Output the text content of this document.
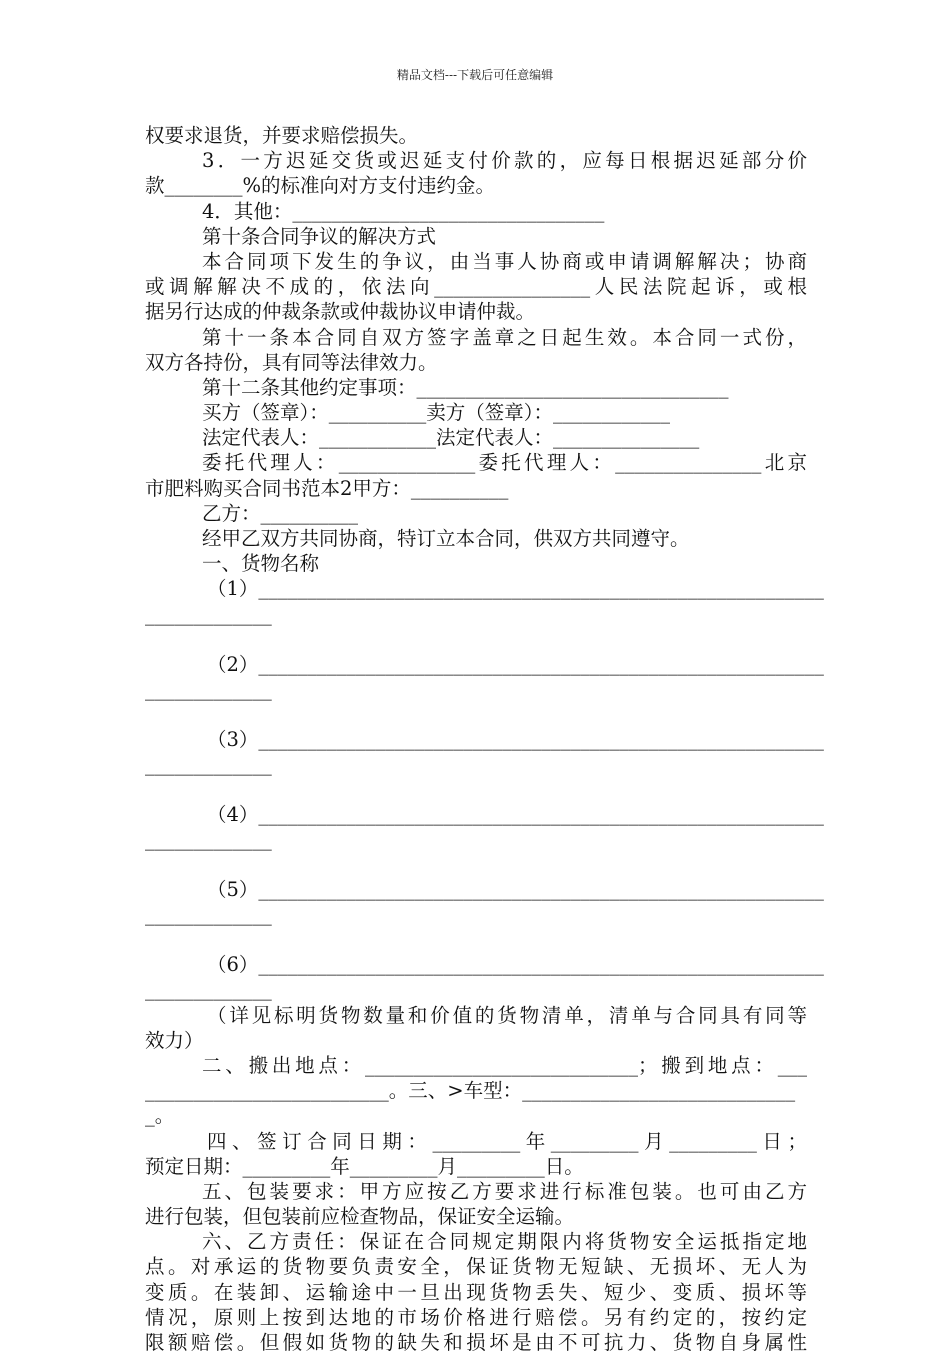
精品文档---下载后可任意编辑
权要求退货，并要求赔偿损失。
3．一方迟延交货或迟延支付价款的，应每日根据迟延部分价
款________%的标准向对方支付违约金。
4．其他：________________________________
第十条合同争议的解决方式
本合同项下发生的争议，由当事人协商或申请调解解决；协商
或调解解决不成的，依法向________________人民法院起诉，或根
据另行达成的仲裁条款或仲裁协议申请仲裁。
第十一条本合同自双方签字盖章之日起生效。本合同一式份，
双方各持份，具有同等法律效力。
第十二条其他约定事项：________________________________
买方（签章）：__________卖方（签章）：____________
法定代表人：____________法定代表人：_______________
委托代理人：______________委托代理人：_______________北京
市肥料购买合同书范本2甲方：__________
乙方：__________
经甲乙双方共同协商，特订立本合同，供双方共同遵守。
一、货物名称
（1）__________________________________________________________
_____________
（2）__________________________________________________________
_____________
（3）__________________________________________________________
_____________
（4）__________________________________________________________
_____________
（5）__________________________________________________________
_____________
（6）__________________________________________________________
_____________
（详见标明货物数量和价值的货物清单，清单与合同具有同等
效力）
二、搬出地点：____________________________；搬到地点：___
_________________________。三、>车型：____________________________
_。
四、签订合同日期：_________年_________月_________日；
预定日期：_________年_________月_________日。
五、包装要求：甲方应按乙方要求进行标准包装。也可由乙方
进行包装，但包装前应检查物品，保证安全运输。
六、乙方责任：保证在合同规定期限内将货物安全运抵指定地
点。对承运的货物要负责安全，保证货物无短缺、无损坏、无人为
变质。在装卸、运输途中一旦出现货物丢失、短少、变质、损坏等
情况，原则上按到达地的市场价格进行赔偿。另有约定的，按约定
限额赔偿。但假如货物的缺失和损坏是由不可抗力、货物自身属性
